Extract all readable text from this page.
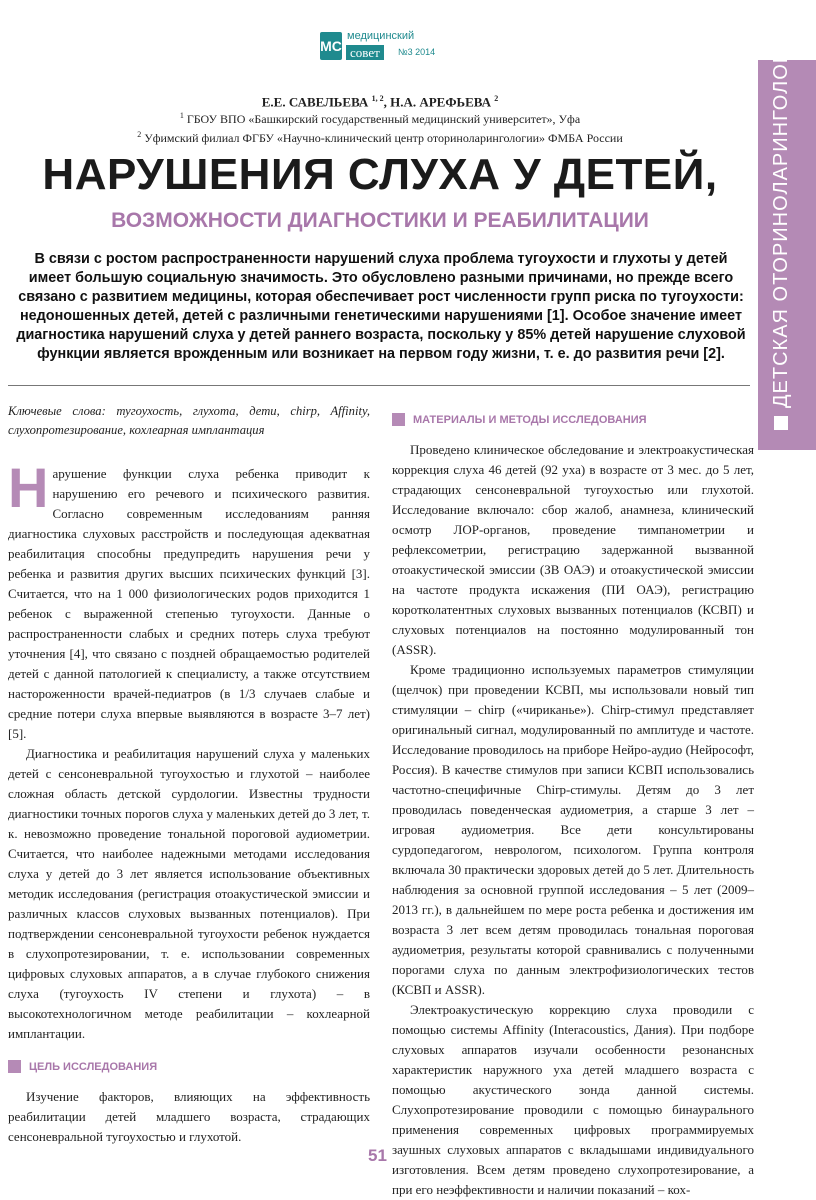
MC
медицинский
совет	№3 2014	ДЕТСКАЯ ОТОРИНОЛАРИНГОЛОГИЯ
Е.Е. САВЕЛЬЕВА $^{1, 2}$, Н.А. АРЕФЬЕВА $^2$
$^1$ ГБОУ ВПО «Башкирский государственный медицинский университет», Уфа
$^2$ Уфимский филиал ФГБУ «Научно-клинический центр оториноларингологии» ФМБА России
НАРУШЕНИЯ СЛУХА У ДЕТЕЙ,
ВОЗМОЖНОСТИ ДИАГНОСТИКИ И РЕАБИЛИТАЦИИ
В связи с ростом распространенности нарушений слуха проблема тугоухости и глухоты у детей имеет большую социальную значимость. Это обусловлено разными причинами, но прежде всего связано с развитием медицины, которая обеспечивает рост численности групп риска по тугоухости: недоношенных детей, детей с различными генетическими нарушениями [1]. Особое значение имеет диагностика нарушений слуха у детей раннего возраста, поскольку у 85% детей нарушение слуховой функции является врожденным или возникает на первом году жизни, т. е. до развития речи [2].

Ключевые слова: тугоухость, глухота, дети, chirp, Affinity, слухопротезирование, кохлеарная имплантация

Нарушение функции слуха ребенка приводит к нарушению его речевого и психического развития. Согласно современным исследованиям ранняя диагностика слуховых расстройств и последующая адекватная реабилитация способны предупредить нарушения речи у ребенка и развития других высших психических функций [3]. Считается, что на 1 000 физиологических родов приходится 1 ребенок с выраженной степенью тугоухости. Данные о распространенности слабых и средних потерь слуха требуют уточнения [4], что связано с поздней обращаемостью родителей детей с данной патологией к специалисту, а также отсутствием настороженности врачей-педиатров (в 1/3 случаев слабые и средние потери слуха впервые выявляются в возрасте 3–7 лет) [5].

Диагностика и реабилитация нарушений слуха у маленьких детей с сенсоневральной тугоухостью и глухотой – наиболее сложная область детской сурдологии. Известны трудности диагностики точных порогов слуха у маленьких детей до 3 лет, т. к. невозможно проведение тональной пороговой аудиометрии. Считается, что наиболее надежными методами исследования слуха у детей до 3 лет является использование объективных методик исследования (регистрация отоакустической эмиссии и различных классов слуховых вызванных потенциалов). При подтверждении сенсоневральной тугоухости ребенок нуждается в слухопротезировании, т. е. использовании современных цифровых слуховых аппаратов, а в случае глубокого снижения слуха (тугоухость IV степени и глухота) – в высокотехнологичном методе реабилитации – кохлеарной имплантации.

ЦЕЛЬ ИССЛЕДОВАНИЯ

Изучение факторов, влияющих на эффективность реабилитации детей младшего возраста, страдающих сенсоневральной тугоухостью и глухотой.

МАТЕРИАЛЫ И МЕТОДЫ ИССЛЕДОВАНИЯ

Проведено клиническое обследование и электроакустическая коррекция слуха 46 детей (92 уха) в возрасте от 3 мес. до 5 лет, страдающих сенсоневральной тугоухостью или глухотой. Исследование включало: сбор жалоб, анамнеза, клинический осмотр ЛОР-органов, проведение тимпанометрии и рефлексометрии, регистрацию задержанной вызванной отоакустической эмиссии (ЗВ ОАЭ) и отоакустической эмиссии на частоте продукта искажения (ПИ ОАЭ), регистрацию коротколатентных слуховых вызванных потенциалов (КСВП) и слуховых потенциалов на постоянно модулированный тон (ASSR).

Кроме традиционно используемых параметров стимуляции (щелчок) при проведении КСВП, мы использовали новый тип стимуляции – chirp («чириканье»). Chirp-стимул представляет оригинальный сигнал, модулированный по амплитуде и частоте. Исследование проводилось на приборе Нейро-аудио (Нейрософт, Россия). В качестве стимулов при записи КСВП использовались частотно-специфичные Chirp-стимулы. Детям до 3 лет проводилась поведенческая аудиометрия, а старше 3 лет – игровая аудиометрия. Все дети консультированы сурдопедагогом, неврологом, психологом. Группа контроля включала 30 практически здоровых детей до 5 лет. Длительность наблюдения за основной группой исследования – 5 лет (2009–2013 гг.), в дальнейшем по мере роста ребенка и достижения им возраста 3 лет всем детям проводилась тональная пороговая аудиометрия, результаты которой сравнивались с полученными порогами слуха по данным электрофизиологических тестов (КСВП и ASSR).

Электроакустическую коррекцию слуха проводили с помощью системы Affinity (Interacoustics, Дания). При подборе слуховых аппаратов изучали особенности резонансных характеристик наружного уха детей младшего возраста с помощью акустического зонда данной системы. Слухопротезирование проводили с помощью бинаурального применения современных цифровых программируемых заушных слуховых аппаратов с вкладышами индивидуального изготовления. Всем детям проведено слухопротезирование, а при его неэффективности и наличии показаний – кох-

51
